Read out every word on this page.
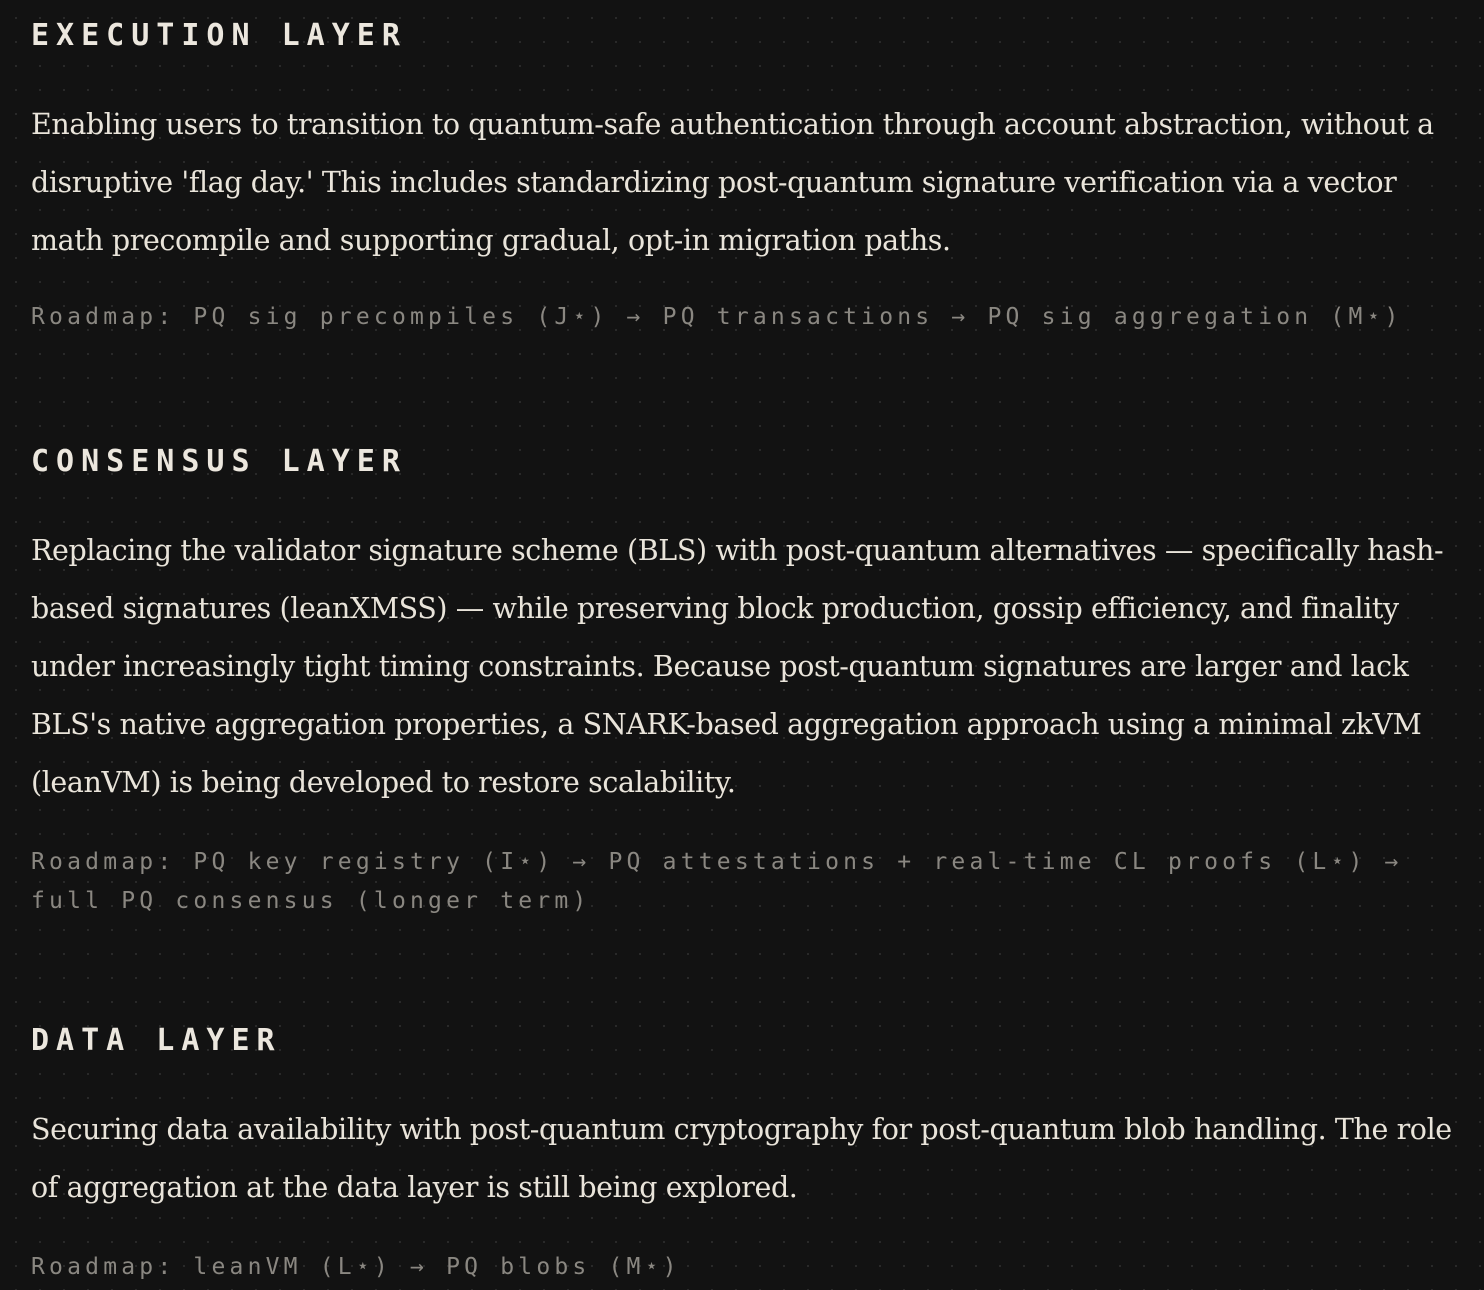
EXECUTION LAYER

Enabling users to transition to quantum-safe authentication through account abstraction, without a disruptive 'flag day.' This includes standardizing post-quantum signature verification via a vector math precompile and supporting gradual, opt-in migration paths.

Roadmap: PQ sig precompiles (J⋆) → PQ transactions → PQ sig aggregation (M⋆)

CONSENSUS LAYER

Replacing the validator signature scheme (BLS) with post-quantum alternatives — specifically hash-based signatures (leanXMSS) — while preserving block production, gossip efficiency, and finality under increasingly tight timing constraints. Because post-quantum signatures are larger and lack BLS's native aggregation properties, a SNARK-based aggregation approach using a minimal zkVM (leanVM) is being developed to restore scalability.

Roadmap: PQ key registry (I⋆) → PQ attestations + real-time CL proofs (L⋆) →
full PQ consensus (longer term)

DATA LAYER

Securing data availability with post-quantum cryptography for post-quantum blob handling. The role of aggregation at the data layer is still being explored.

Roadmap: leanVM (L⋆) → PQ blobs (M⋆)
